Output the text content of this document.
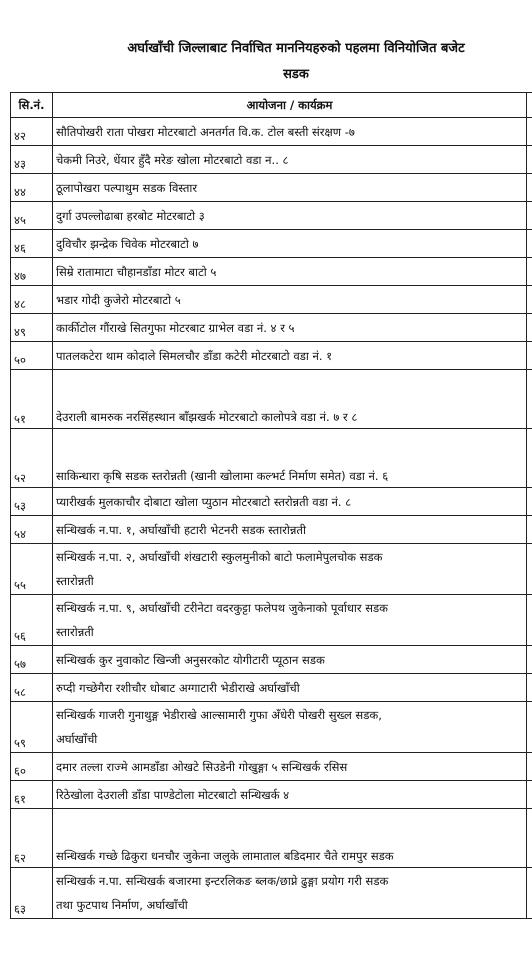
अर्घाखाँची जिल्लाबाट निर्वाचित माननियहरुको पहलमा विनियोजित बजेट
सडक
सि.नं.	आयोजना / कार्यक्रम	
४२	सौतिपोखरी राता पोखरा मोटरबाटो अनतर्गत वि.क. टोल बस्ती संरक्षण -७	

४३	चेकमी निउरे, धेंयार हुँदै मरेङ खोला मोटरबाटो वडा न.. ८	

४४	ठूलापोखरा पल्पाथुम सडक विस्तार	

४५	दुर्गा उपल्लोढाबा हरबोट मोटरबाटो ३	

४६	दुविचौर झन्द्रेक चिवेक मोटरबाटो ७	

४७	सिम्रे रातामाटा चौहानडाँडा मोटर बाटो ५	

४८	भडार गोदी कुजेरो मोटरबाटो ५	

४९	कार्कीटोल गौंराखे सितगुफा मोटरबाट ग्राभेल वडा नं. ४ र ५	

५०	पातलकटेरा थाम कोदाले सिमलचौर डाँडा कटेरी मोटरबाटो वडा नं. १	

५१	देउराली बामरुक नरसिंहस्थान बाँझखर्क मोटरबाटो कालोपत्रे वडा नं. ७ र ८	

५२	साकिन्धारा कृषि सडक स्तरोन्नती (खानी खोलामा कल्भर्ट निर्माण समेत) वडा नं. ६	

५३	प्यारीखर्क मुलकाचौर दोबाटा खोला प्युठान मोटरबाटो स्तरोन्नती वडा नं. ८	

५४	सन्धिखर्क न.पा. १, अर्घाखाँची हटारी भेटनरी सडक स्तारोन्नती	

५५	सन्धिखर्क न.पा. २, अर्घाखाँची शंखटारी स्कुलमुनीको बाटो फलामेपुलचोक सडक
स्तारोन्नती	

५६	सन्धिखर्क न.पा. ९, अर्घाखाँची टरीनेटा वदरकुट्टा फलेपथ जुकेनाको पूर्वाधार सडक
स्तारोन्नती	

५७	सन्धिखर्क कुर नुवाकोट खिन्जी अनुसरकोट योगीटारी प्यूठान सडक	

५८	रुप्दी गच्छेगैरा रशीचौर धोबाट अग्गाटारी भेडीराखे अर्घाखाँची	

५९	सन्धिखर्क गाजरी गुनाथुङ्ग भेडीराखे आल्सामारी गुफा अँधेरी पोखरी सुख्ल सडक,
अर्घाखाँची	

६०	दमार तल्ला राज्मे आमडाँडा ओखटे सिउडेनी गोखुङ्गा ५ सन्धिखर्क रसिस	

६१	रिठेखोला देउराली डाँडा पाण्डेटोला मोटरबाटो सन्धिखर्क ४	

६२	सन्धिखर्क गच्छे ढिकुरा धनचौर जुकेना जलुके लामाताल बडिदमार चैते रामपुर सडक	

६३	सन्धिखर्क न.पा. सन्धिखर्क बजारमा इन्टरलिकङ ब्लक/छाप्ने ढुङ्गा प्रयोग गरी सडक
तथा फुटपाथ निर्माण, अर्घाखाँची	
